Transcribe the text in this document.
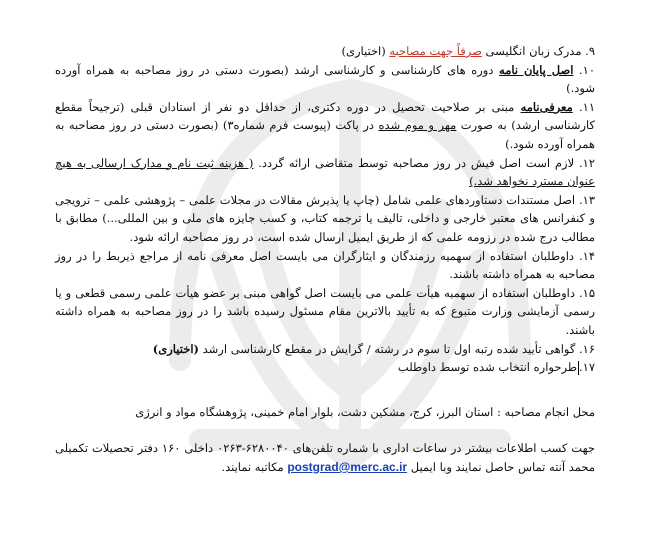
۹. مدرک زبان انگلیسی صرفاً جهت مصاحبه (اختیاری)

۱۰. اصل پایان نامه دوره های کارشناسی و کارشناسی ارشد (بصورت دستی در روز مصاحبه به همراه آورده شود.)

۱۱. معرفی‌نامه مبنی بر صلاحیت تحصیل در دوره دکتری، از حداقل دو نفر از استادان قبلی (ترجیحاً مقطع کارشناسی ارشد) به صورت مهر و موم شده در پاکت (پیوست فرم شماره۳) (بصورت دستی در روز مصاحبه به همراه آورده شود.)

۱۲. لازم است اصل فیش در روز مصاحبه توسط متقاضی ارائه گردد. ( هزینه ثبت نام و مدارک ارسالی به هیچ عنوان مسترد نخواهد شد.)

۱۳. اصل مستندات دستاوردهای علمی شامل (چاپ یا پذیرش مقالات در مجلات علمی – پژوهشی علمی – ترویجی و کنفرانس های معتبر خارجی و داخلی، تالیف یا ترجمه کتاب، و کسب جایزه های ملی و بین المللی...) مطابق با مطالب درج شده در رزومه علمی که از طریق ایمیل ارسال شده است، در روز مصاحبه ارائه شود.

۱۴. داوطلبان استفاده از سهمیه رزمندگان و ایثارگران می بایست اصل معرفی نامه از مراجع ذیربط را در روز مصاحبه به همراه داشته باشند.

۱۵. داوطلبان استفاده از سهمیه هیأت علمی می بایست اصل گواهی مبنی بر عضو هیأت علمی رسمی قطعی و یا رسمی آزمایشی وزارت متبوع که به تأیید بالاترین مقام مسئول رسیده باشد را در روز مصاحبه به همراه داشته باشند.

۱۶. گواهی تأیید شده رتبه اول تا سوم در رشته / گرایش در مقطع کارشناسی ارشد (اختیاری)

۱۷.طرحواره انتخاب شده توسط داوطلب

محل انجام مصاحبه : استان البرز، کرج، مشکین دشت، بلوار امام خمینی، پژوهشگاه مواد و انرژی

جهت کسب اطلاعات بیشتر در ساعات اداری با شماره تلفن‌های ۶۲۸۰۰۴۰-۰۲۶۳ داخلی ۱۶۰ دفتر تحصیلات تکمیلی محمد آنته تماس حاصل نمایند وبا ایمیل postgrad@merc.ac.ir مکاتبه نمایند.
